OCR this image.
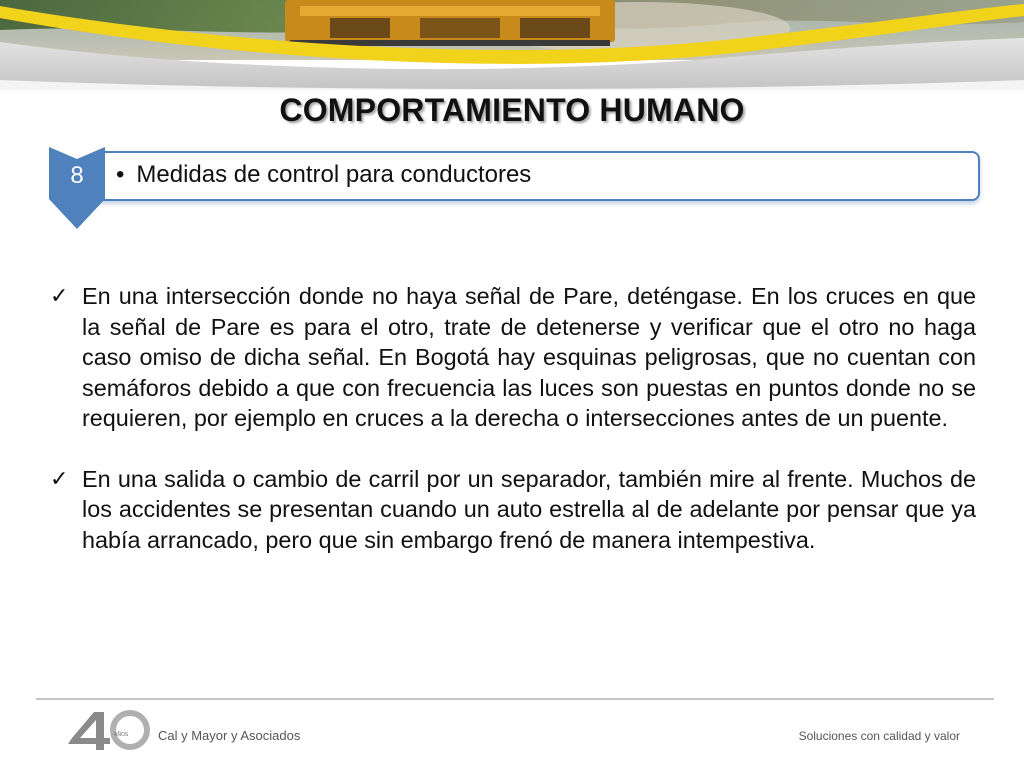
COMPORTAMIENTO HUMANO
8	• Medidas de control para conductores
✓ En una intersección donde no haya señal de Pare, deténgase. En los cruces en que la señal de Pare es para el otro, trate de detenerse y verificar que el otro no haga caso omiso de dicha señal. En Bogotá hay esquinas peligrosas, que no cuentan con semáforos debido a que con frecuencia las luces son puestas en puntos donde no se requieren, por ejemplo en cruces a la derecha o intersecciones antes de un puente.
✓ En una salida o cambio de carril por un separador, también mire al frente. Muchos de los accidentes se presentan cuando un auto estrella al de adelante por pensar que ya había arrancado, pero que sin embargo frenó de manera intempestiva.
AÑOS Cal y Mayor y Asociados	Soluciones con calidad y valor
